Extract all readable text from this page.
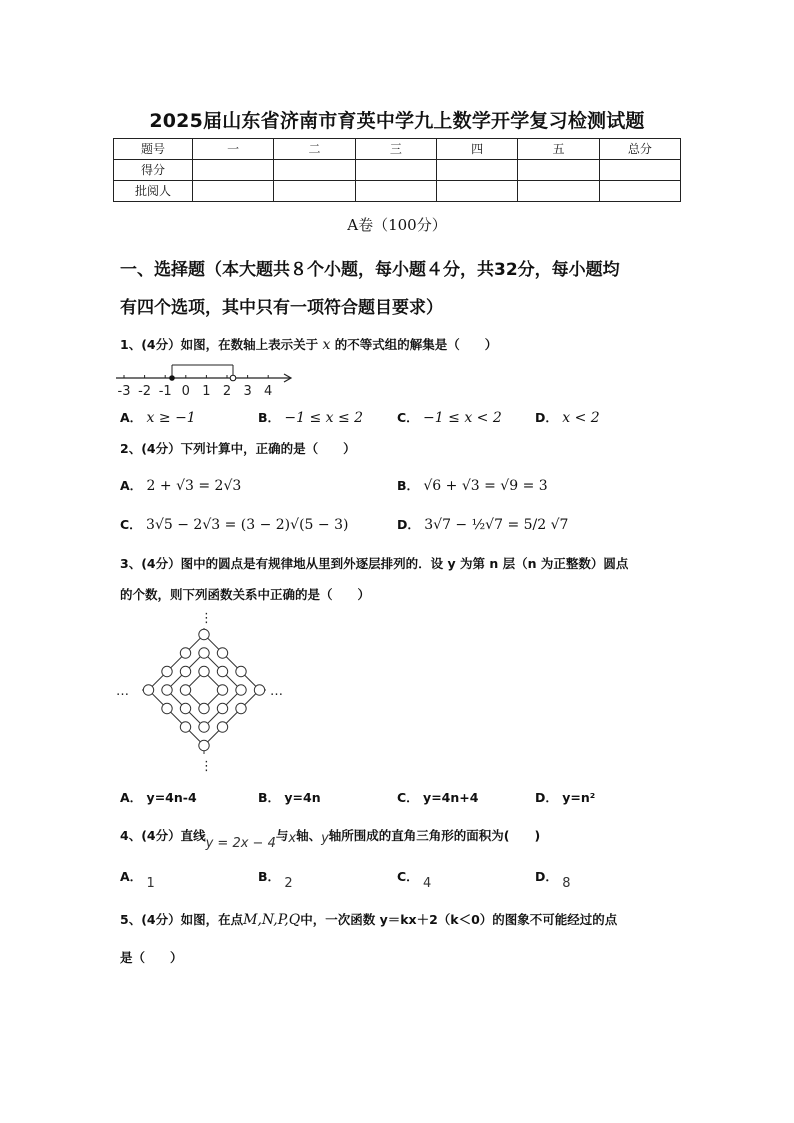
2025届山东省济南市育英中学九上数学开学复习检测试题
题号	一	二	三	四	五	总分
得分						
批阅人						
A卷（100分）
一、选择题（本大题共８个小题，每小题４分，共32分，每小题均
有四个选项，其中只有一项符合题目要求）
1、(4分）如图，在数轴上表示关于 x 的不等式组的解集是（　　）
-3 -2 -1 0 1 2 3 4
A． x ≥ −1	B． −1 ≤ x ≤ 2	C． −1 ≤ x < 2	D． x < 2
2、(4分）下列计算中，正确的是（　　）
A． 2 + √3 = 2√3	B． √6 + √3 = √9 = 3
C． 3√5 − 2√3 = (3 − 2)√(5 − 3)	D． 3√7 − ½√7 = 5/2 √7
3、(4分）图中的圆点是有规律地从里到外逐层排列的．设 y 为第 n 层（n 为正整数）圆点
的个数，则下列函数关系中正确的是（　　）
…	…
⋮
⋮
A． y=4n-4	B． y=4n	C． y=4n+4	D． y=n²
4、(4分）直线y = 2x − 4与x轴、y轴所围成的直角三角形的面积为(　　)
A． 1	B． 2	C． 4	D． 8
5、(4分）如图，在点M,N,P,Q中，一次函数 y＝kx＋2（k＜0）的图象不可能经过的点
是（　　）
